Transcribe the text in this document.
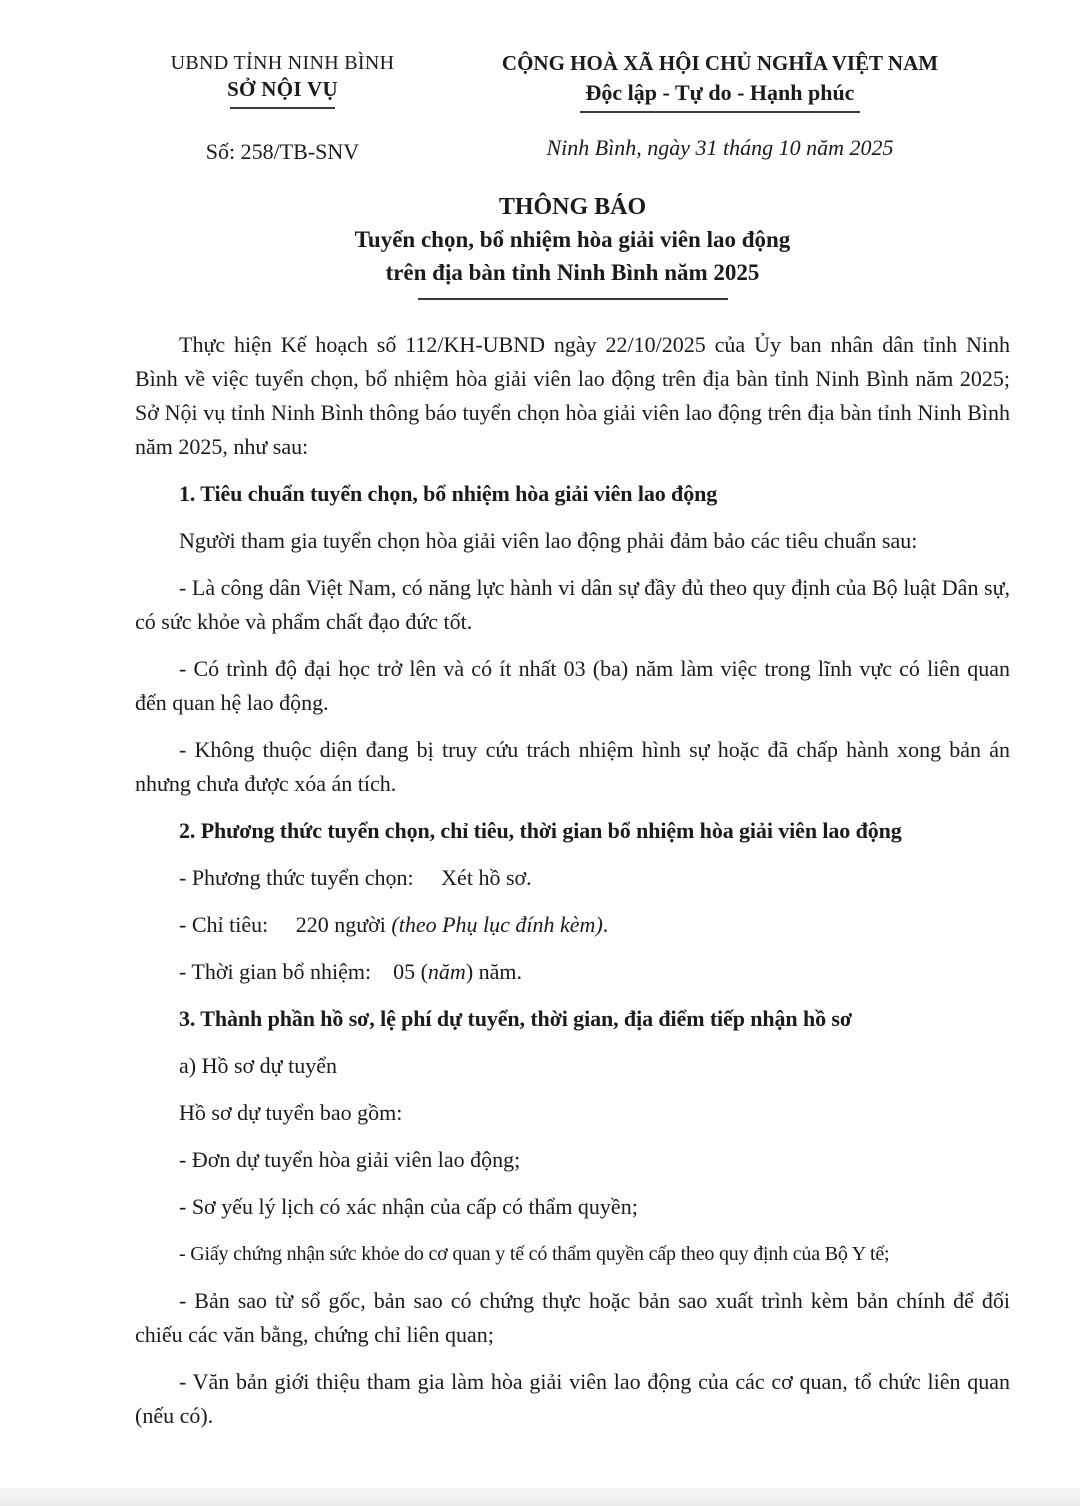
UBND TỈNH NINH BÌNH
SỞ NỘI VỤ
Số: 258/TB-SNV
CỘNG HOÀ XÃ HỘI CHỦ NGHĨA VIỆT NAM
Độc lập - Tự do - Hạnh phúc
Ninh Bình, ngày 31 tháng 10 năm 2025
THÔNG BÁO
Tuyển chọn, bổ nhiệm hòa giải viên lao động
trên địa bàn tỉnh Ninh Bình năm 2025

Thực hiện Kế hoạch số 112/KH-UBND ngày 22/10/2025 của Ủy ban nhân dân tỉnh Ninh Bình về việc tuyển chọn, bổ nhiệm hòa giải viên lao động trên địa bàn tỉnh Ninh Bình năm 2025; Sở Nội vụ tỉnh Ninh Bình thông báo tuyển chọn hòa giải viên lao động trên địa bàn tỉnh Ninh Bình năm 2025, như sau:

1. Tiêu chuẩn tuyển chọn, bổ nhiệm hòa giải viên lao động

Người tham gia tuyển chọn hòa giải viên lao động phải đảm bảo các tiêu chuẩn sau:

- Là công dân Việt Nam, có năng lực hành vi dân sự đầy đủ theo quy định của Bộ luật Dân sự, có sức khỏe và phẩm chất đạo đức tốt.

- Có trình độ đại học trở lên và có ít nhất 03 (ba) năm làm việc trong lĩnh vực có liên quan đến quan hệ lao động.

- Không thuộc diện đang bị truy cứu trách nhiệm hình sự hoặc đã chấp hành xong bản án nhưng chưa được xóa án tích.

2. Phương thức tuyển chọn, chỉ tiêu, thời gian bổ nhiệm hòa giải viên lao động

- Phương thức tuyển chọn:     Xét hồ sơ.

- Chỉ tiêu:     220 người (theo Phụ lục đính kèm).

- Thời gian bổ nhiệm:    05 (năm) năm.

3. Thành phần hồ sơ, lệ phí dự tuyển, thời gian, địa điểm tiếp nhận hồ sơ

a) Hồ sơ dự tuyển

Hồ sơ dự tuyển bao gồm:

- Đơn dự tuyển hòa giải viên lao động;

- Sơ yếu lý lịch có xác nhận của cấp có thẩm quyền;

- Giấy chứng nhận sức khỏe do cơ quan y tế có thẩm quyền cấp theo quy định của Bộ Y tế;

- Bản sao từ sổ gốc, bản sao có chứng thực hoặc bản sao xuất trình kèm bản chính để đối chiếu các văn bằng, chứng chỉ liên quan;

- Văn bản giới thiệu tham gia làm hòa giải viên lao động của các cơ quan, tổ chức liên quan (nếu có).
